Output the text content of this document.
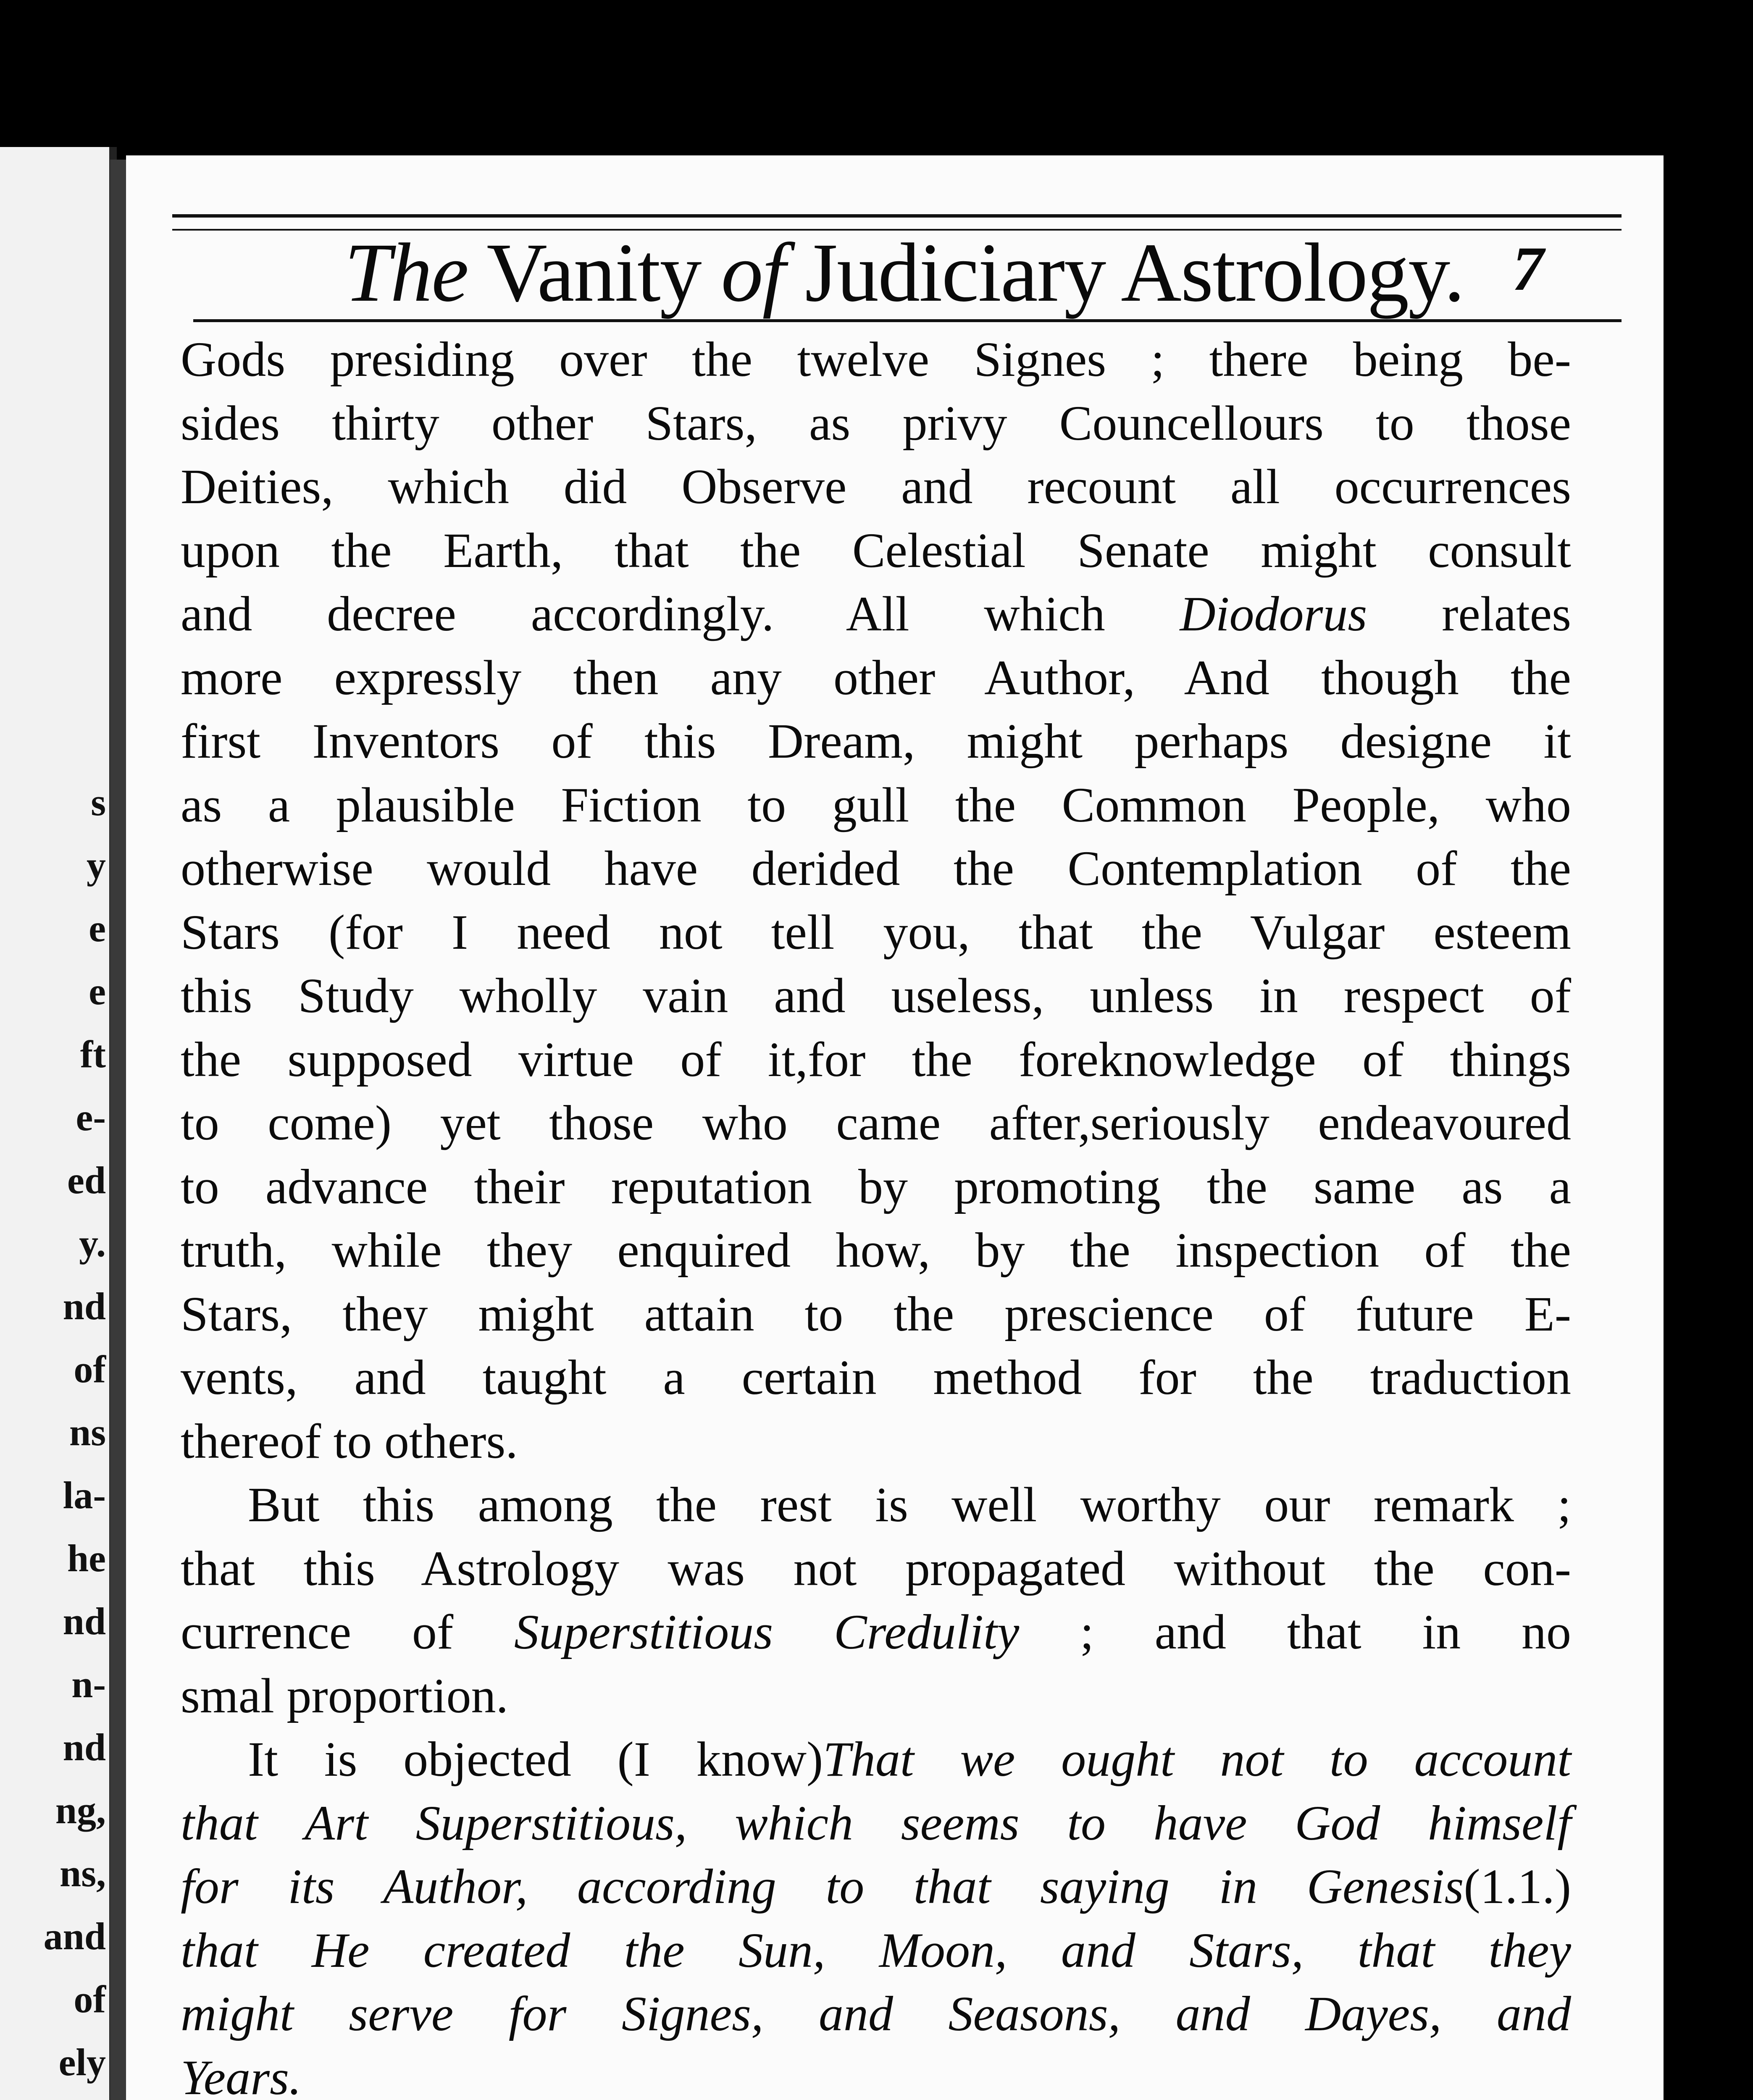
s
y
e
e
ft
e-
ed
y.
nd
of
ns
la-
he
nd
n-
nd
ng,
ns,
and
of
ely
The Vanity of Judiciary Astrology. 7
Gods presiding over the twelve Signes ; there being be-
sides thirty other Stars, as privy Councellours to those
Deities, which did Observe and recount all occurrences
upon the Earth, that the Celestial Senate might consult
and decree accordingly. All which Diodorus relates
more expressly then any other Author, And though the
first Inventors of this Dream, might perhaps designe it
as a plausible Fiction to gull the Common People, who
otherwise would have derided the Contemplation of the
Stars (for I need not tell you, that the Vulgar esteem
this Study wholly vain and useless, unless in respect of
the supposed virtue of it,for the foreknowledge of things
to come) yet those who came after,seriously endeavoured
to advance their reputation by promoting the same as a
truth, while they enquired how, by the inspection of the
Stars, they might attain to the prescience of future E-
vents, and taught a certain method for the traduction
thereof to others.
But this among the rest is well worthy our remark ;
that this Astrology was not propagated without the con-
currence of Superstitious Credulity ; and that in no
smal proportion.
It is objected (I know)That we ought not to account
that Art Superstitious, which seems to have God himself
for its Author, according to that saying in Genesis(1.1.)
that He created the Sun, Moon, and Stars, that they
might serve for Signes, and Seasons, and Dayes, and
Years.
